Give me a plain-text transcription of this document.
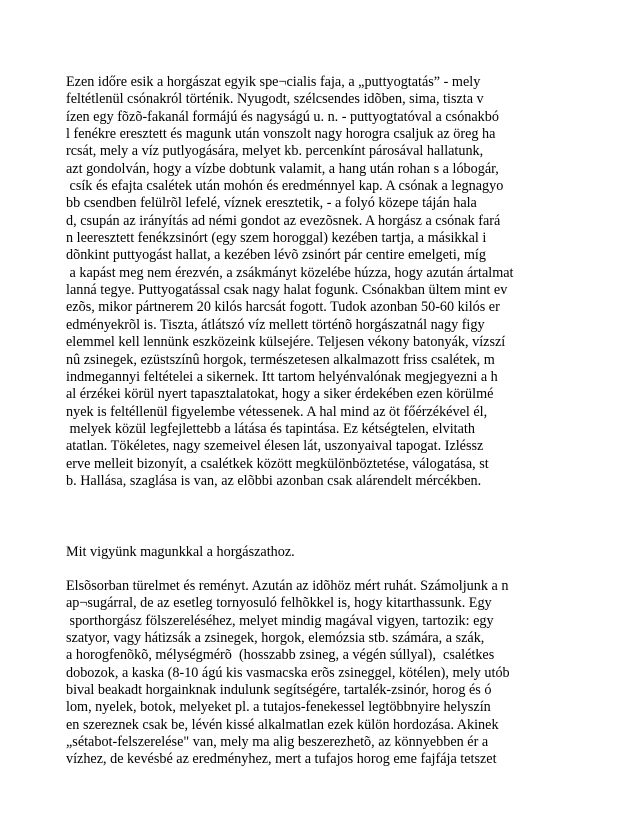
Ezen időre esik a horgászat egyik spe¬cialis faja, a „puttyogtatás” - mely
feltétlenül csónakról történik. Nyugodt, szélcsendes idõben, sima, tiszta v
ízen egy fõzõ-fakanál formájú és nagyságú u. n. - puttyogtatóval a csónakbó
l fenékre eresztett és magunk után vonszolt nagy horogra csaljuk az öreg ha
rcsát, mely a víz putlyogására, melyet kb. percenkínt párosával hallatunk,
azt gondolván, hogy a vízbe dobtunk valamit, a hang után rohan s a lóbogár,
csík és efajta csalétek után mohón és eredménnyel kap. A csónak a legnagyo
bb csendben felülrõl lefelé, víznek eresztetik, - a folyó közepe táján hala
d, csupán az irányítás ad némi gondot az evezõsnek. A horgász a csónak fará
n leeresztett fenékzsinórt (egy szem horoggal) kezében tartja, a másikkal i
dõnkint puttyogást hallat, a kezében lévõ zsinórt pár centire emelgeti, míg
a kapást meg nem érezvén, a zsákmányt közelébe húzza, hogy azután ártalmat
lanná tegye. Puttyogatással csak nagy halat fogunk. Csónakban ültem mint ev
ezõs, mikor pártnerem 20 kilós harcsát fogott. Tudok azonban 50-60 kilós er
edményekrõl is. Tiszta, átlátszó víz mellett történõ horgászatnál nagy figy
elemmel kell lennünk eszközeink külsejére. Teljesen vékony batonyák, vízszí
nû zsinegek, ezüstszínû horgok, természetesen alkalmazott friss csalétek, m
indmegannyi feltételei a sikernek. Itt tartom helyénvalónak megjegyezni a h
al érzékei körül nyert tapasztalatokat, hogy a siker érdekében ezen körülmé
nyek is feltéllenül figyelembe vétessenek. A hal mind az öt főérzékével él,
melyek közül legfejlettebb a látása és tapintása. Ez kétségtelen, elvitath
atatlan. Tökéletes, nagy szemeivel élesen lát, uszonyaival tapogat. Izléssz
erve melleit bizonyít, a csalétkek között megkülönböztetése, válogatása, st
b. Hallása, szaglása is van, az elõbbi azonban csak alárendelt mércékben.

Mit vigyünk magunkkal a horgászathoz.

Elsõsorban türelmet és reményt. Azután az idõhöz mért ruhát. Számoljunk a n
ap¬sugárral, de az esetleg tornyosuló felhõkkel is, hogy kitarthassunk. Egy
sporthorgász fölszereléséhez, melyet mindig magával vigyen, tartozik: egy
szatyor, vagy hátizsák a zsinegek, horgok, elemózsia stb. számára, a szák,
a horogfenõkõ, mélységmérõ  (hosszabb zsineg, a végén súllyal),  csalétkes
dobozok, a kaska (8-10 ágú kis vasmacska erõs zsineggel, kötélen), mely utób
bival beakadt horgainknak indulunk segítségére, tartalék-zsinór, horog és ó
lom, nyelek, botok, melyeket pl. a tutajos-fenekessel legtöbbnyire helyszín
en szereznek csak be, lévén kissé alkalmatlan ezek külön hordozása. Akinek
„sétabot-felszerelése" van, mely ma alig beszerezhetõ, az könnyebben ér a
vízhez, de kevésbé az eredményhez, mert a tufajos horog eme fajfája tetszet
